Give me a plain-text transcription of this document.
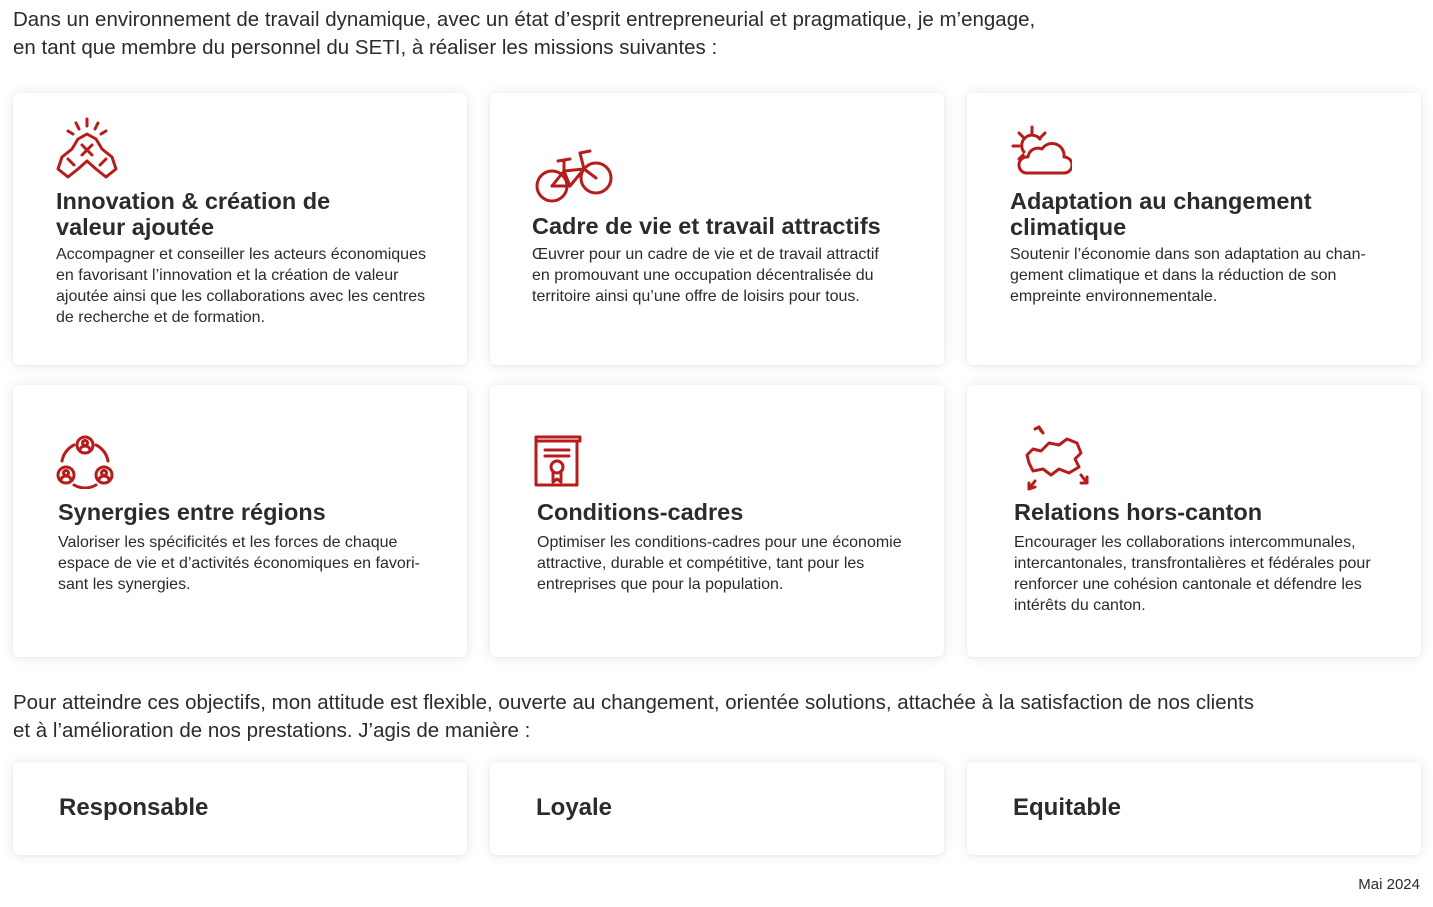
Dans un environnement de travail dynamique, avec un état d’esprit entrepreneurial et pragmatique, je m’engage,
en tant que membre du personnel du SETI, à réaliser les missions suivantes :

Innovation & création de
valeur ajoutée

Accompagner et conseiller les acteurs économiques
en favorisant l’innovation et la création de valeur
ajoutée ainsi que les collaborations avec les centres
de recherche et de formation.

Cadre de vie et travail attractifs

Œuvrer pour un cadre de vie et de travail attractif
en promouvant une occupation décentralisée du
territoire ainsi qu’une offre de loisirs pour tous.

Adaptation au changement
climatique

Soutenir l’économie dans son adaptation au chan-
gement climatique et dans la réduction de son
empreinte environnementale.

Synergies entre régions

Valoriser les spécificités et les forces de chaque
espace de vie et d’activités économiques en favori-
sant les synergies.

Conditions-cadres

Optimiser les conditions-cadres pour une économie
attractive, durable et compétitive, tant pour les
entreprises que pour la population.

Relations hors-canton

Encourager les collaborations intercommunales,
intercantonales, transfrontalières et fédérales pour
renforcer une cohésion cantonale et défendre les
intérêts du canton.

Pour atteindre ces objectifs, mon attitude est flexible, ouverte au changement, orientée solutions, attachée à la satisfaction de nos clients
et à l’amélioration de nos prestations. J’agis de manière :

Responsable	Loyale	Equitable

Mai 2024
